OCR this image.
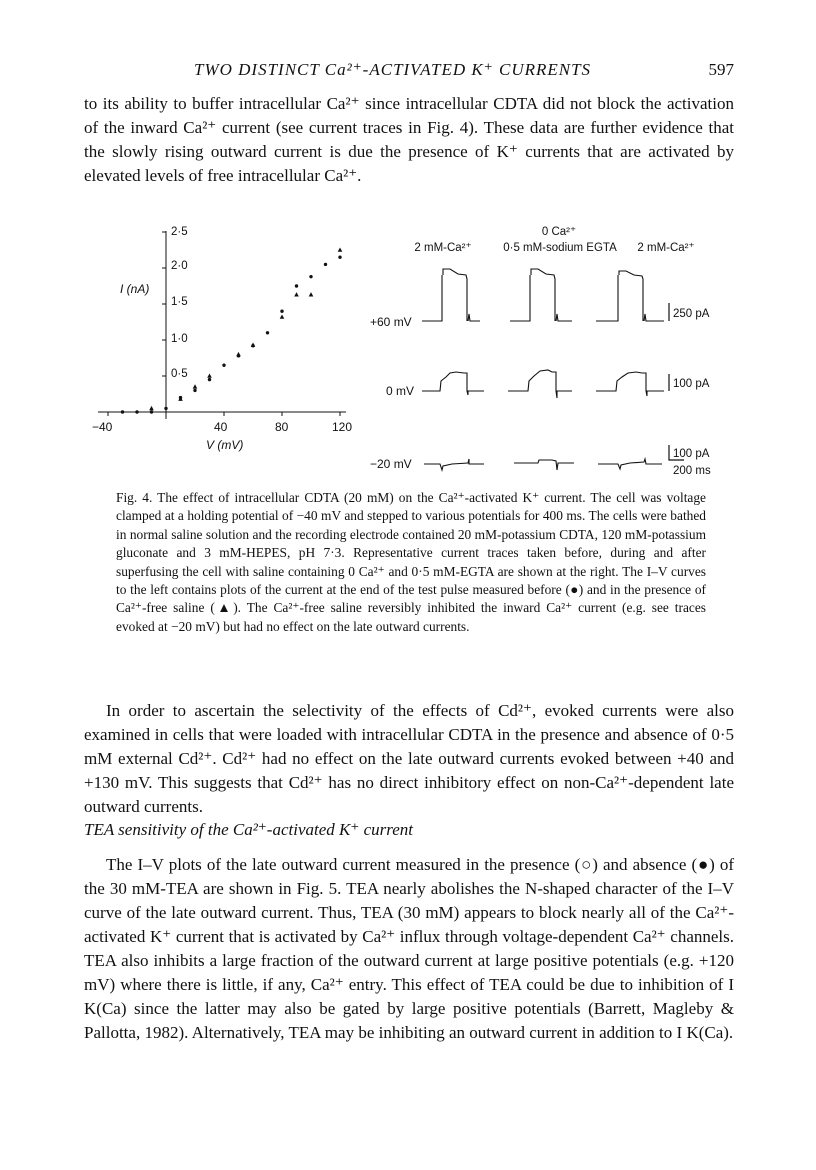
TWO DISTINCT Ca²⁺-ACTIVATED K⁺ CURRENTS	597

to its ability to buffer intracellular Ca²⁺ since intracellular CDTA did not block the activation of the inward Ca²⁺ current (see current traces in Fig. 4). These data are further evidence that the slowly rising outward current is due the presence of K⁺ currents that are activated by elevated levels of free intracellular Ca²⁺.

−40	40	80	120
0·5
1·0
1·5
2·0
2·5
I (nA)
V (mV)
0 Ca²⁺
2 mM-Ca²⁺	0·5 mM-sodium EGTA 2 mM-Ca²⁺
+60 mV
0 mV
−20 mV
250 pA
100 pA
100 pA
200 ms

Fig. 4. The effect of intracellular CDTA (20 mM) on the Ca²⁺-activated K⁺ current. The cell was voltage clamped at a holding potential of −40 mV and stepped to various potentials for 400 ms. The cells were bathed in normal saline solution and the recording electrode contained 20 mM-potassium CDTA, 120 mM-potassium gluconate and 3 mM-HEPES, pH 7·3. Representative current traces taken before, during and after superfusing the cell with saline containing 0 Ca²⁺ and 0·5 mM-EGTA are shown at the right. The I–V curves to the left contains plots of the current at the end of the test pulse measured before (●) and in the presence of Ca²⁺-free saline (▲). The Ca²⁺-free saline reversibly inhibited the inward Ca²⁺ current (e.g. see traces evoked at −20 mV) but had no effect on the late outward currents.

In order to ascertain the selectivity of the effects of Cd²⁺, evoked currents were also examined in cells that were loaded with intracellular CDTA in the presence and absence of 0·5 mM external Cd²⁺. Cd²⁺ had no effect on the late outward currents evoked between +40 and +130 mV. This suggests that Cd²⁺ has no direct inhibitory effect on non-Ca²⁺-dependent late outward currents.

TEA sensitivity of the Ca²⁺-activated K⁺ current

The I–V plots of the late outward current measured in the presence (○) and absence (●) of the 30 mM-TEA are shown in Fig. 5. TEA nearly abolishes the N-shaped character of the I–V curve of the late outward current. Thus, TEA (30 mM) appears to block nearly all of the Ca²⁺-activated K⁺ current that is activated by Ca²⁺ influx through voltage-dependent Ca²⁺ channels. TEA also inhibits a large fraction of the outward current at large positive potentials (e.g. +120 mV) where there is little, if any, Ca²⁺ entry. This effect of TEA could be due to inhibition of I K(Ca) since the latter may also be gated by large positive potentials (Barrett, Magleby & Pallotta, 1982). Alternatively, TEA may be inhibiting an outward current in addition to I K(Ca).
